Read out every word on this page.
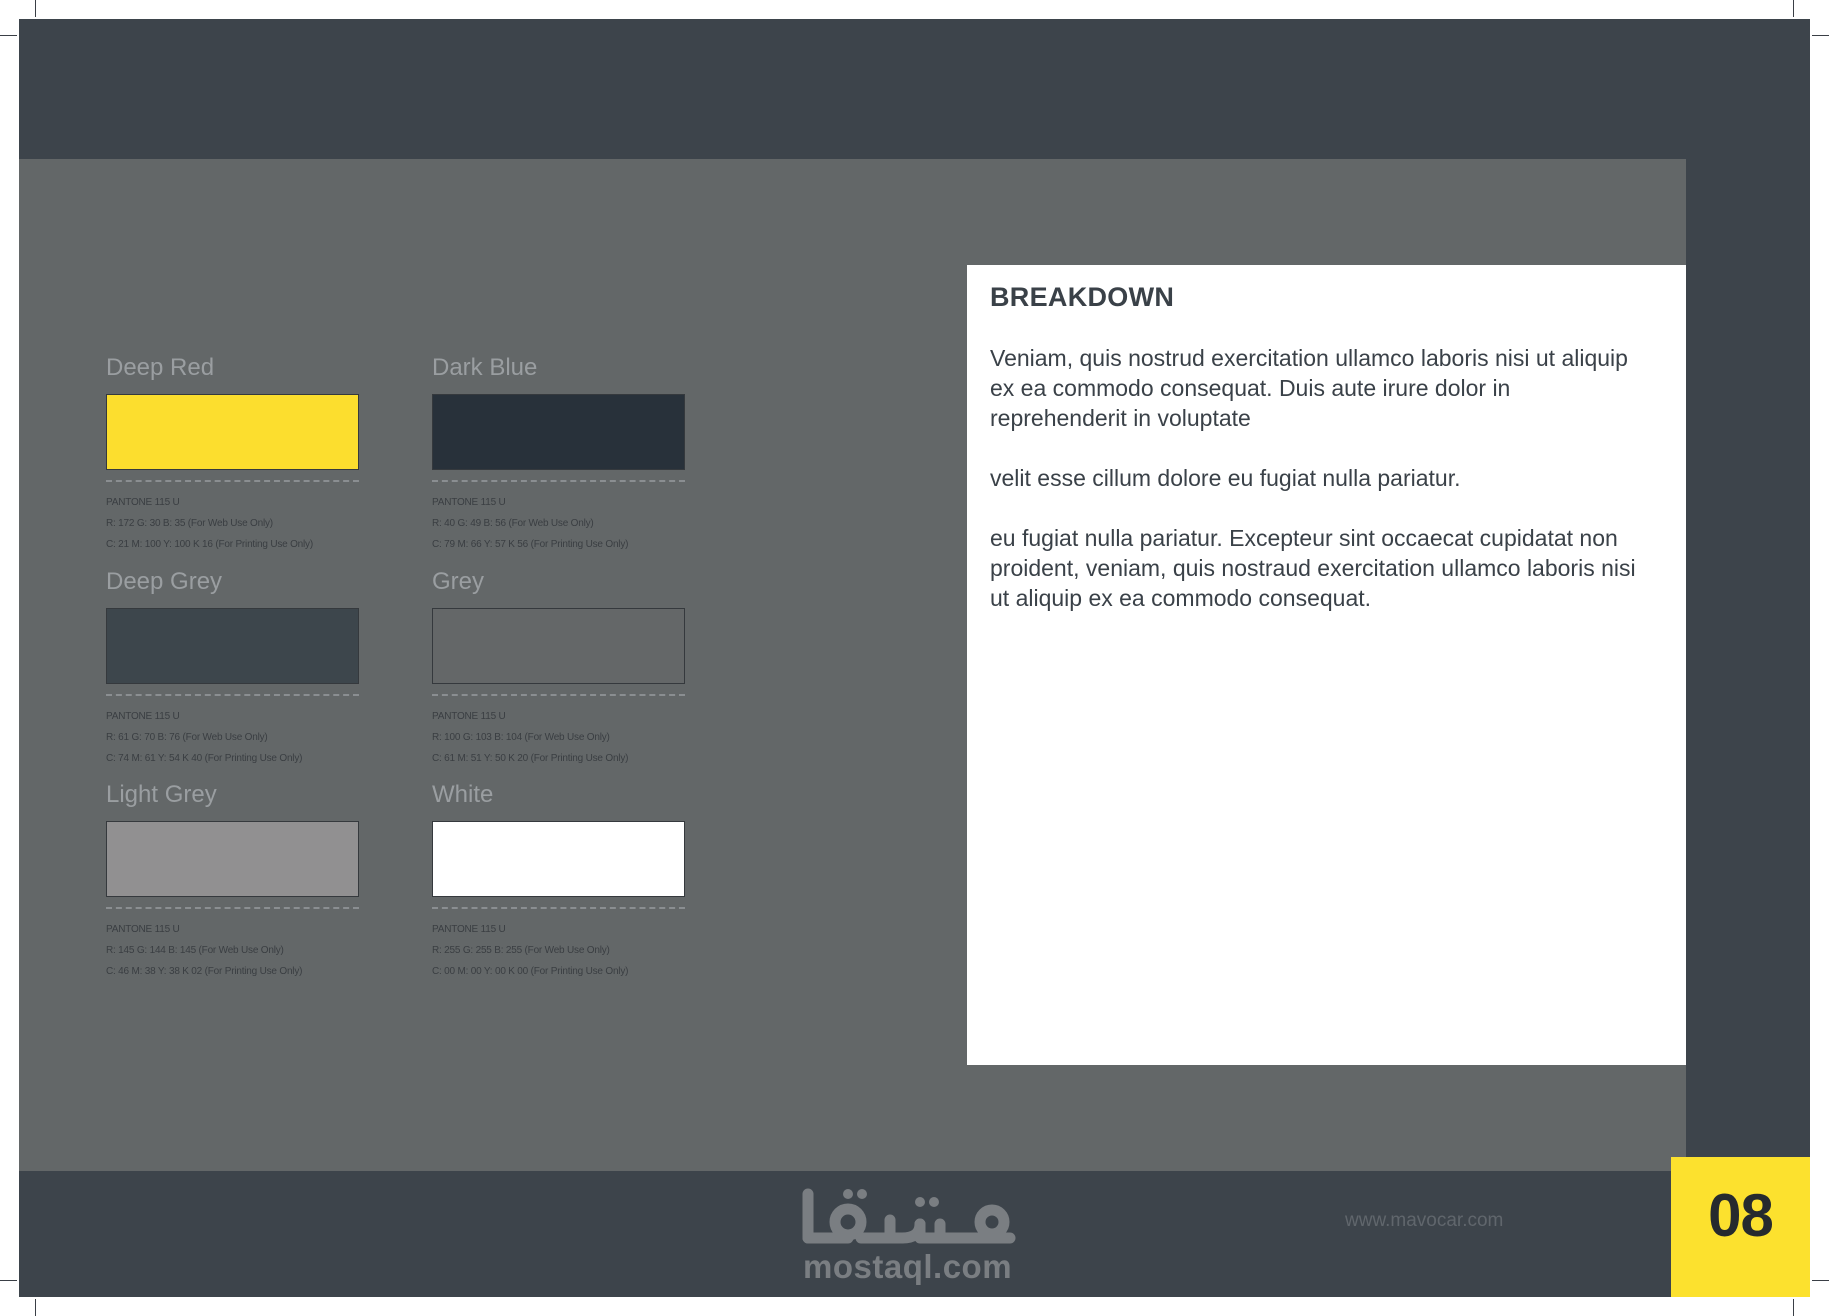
Deep Red
PANTONE 115 U
R: 172 G: 30 B: 35 (For Web Use Only)
C: 21 M: 100 Y: 100 K 16 (For Printing Use Only)
Dark Blue
PANTONE 115 U
R: 40 G: 49 B: 56 (For Web Use Only)
C: 79 M: 66 Y: 57 K 56 (For Printing Use Only)
Deep Grey
PANTONE 115 U
R: 61 G: 70 B: 76 (For Web Use Only)
C: 74 M: 61 Y: 54 K 40 (For Printing Use Only)
Grey
PANTONE 115 U
R: 100 G: 103 B: 104 (For Web Use Only)
C: 61 M: 51 Y: 50 K 20 (For Printing Use Only)
Light Grey
PANTONE 115 U
R: 145 G: 144 B: 145 (For Web Use Only)
C: 46 M: 38 Y: 38 K 02 (For Printing Use Only)
White
PANTONE 115 U
R: 255 G: 255 B: 255 (For Web Use Only)
C: 00 M: 00 Y: 00 K 00 (For Printing Use Only)
BREAKDOWN

Veniam, quis nostrud exercitation ullamco laboris nisi ut aliquip ex ea commodo consequat. Duis aute irure dolor in reprehenderit in voluptate

velit esse cillum dolore eu fugiat nulla pariatur.

eu fugiat nulla pariatur. Excepteur sint occaecat cupidatat non proident, veniam, quis nostraud exercitation ullamco laboris nisi ut aliquip ex ea commodo consequat.

mostaql.com
www.mavocar.com	08
